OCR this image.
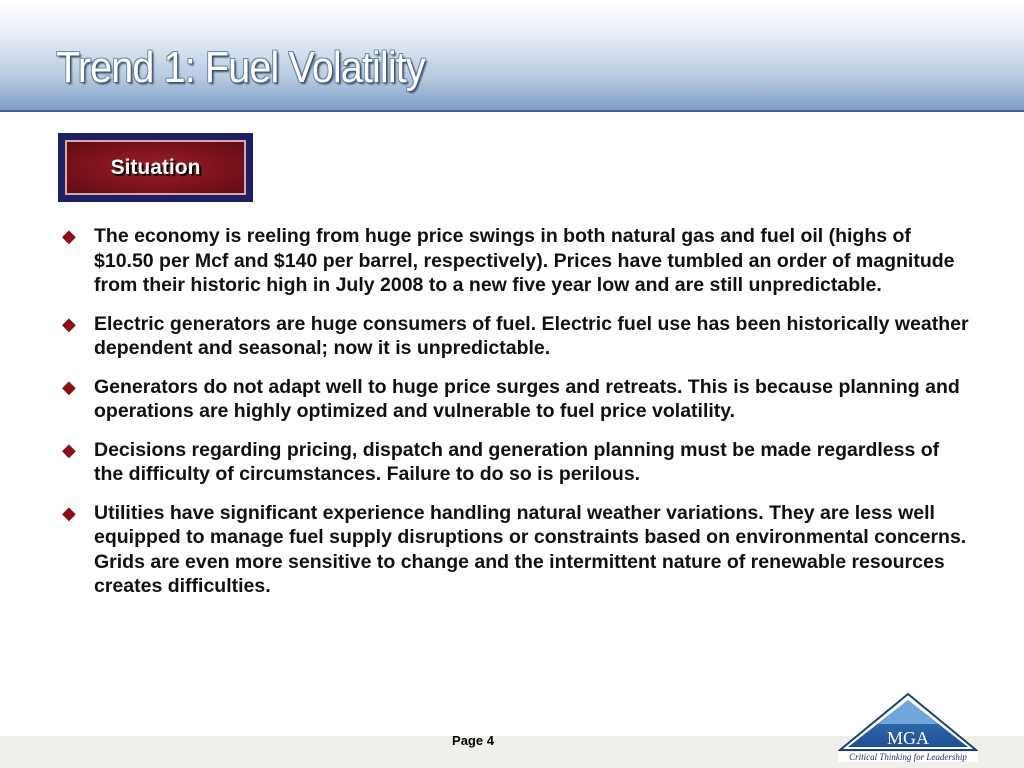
Trend 1: Fuel Volatility
Situation
◆ The economy is reeling from huge price swings in both natural gas and fuel oil (highs of $10.50 per Mcf and $140 per barrel, respectively). Prices have tumbled an order of magnitude from their historic high in July 2008 to a new five year low and are still unpredictable.
◆ Electric generators are huge consumers of fuel. Electric fuel use has been historically weather dependent and seasonal; now it is unpredictable.
◆ Generators do not adapt well to huge price surges and retreats. This is because planning and operations are highly optimized and vulnerable to fuel price volatility.
◆ Decisions regarding pricing, dispatch and generation planning must be made regardless of the difficulty of circumstances. Failure to do so is perilous.
◆ Utilities have significant experience handling natural weather variations. They are less well equipped to manage fuel supply disruptions or constraints based on environmental concerns. Grids are even more sensitive to change and the intermittent nature of renewable resources creates difficulties.
Page 4	MGA
Critical Thinking for Leadership
